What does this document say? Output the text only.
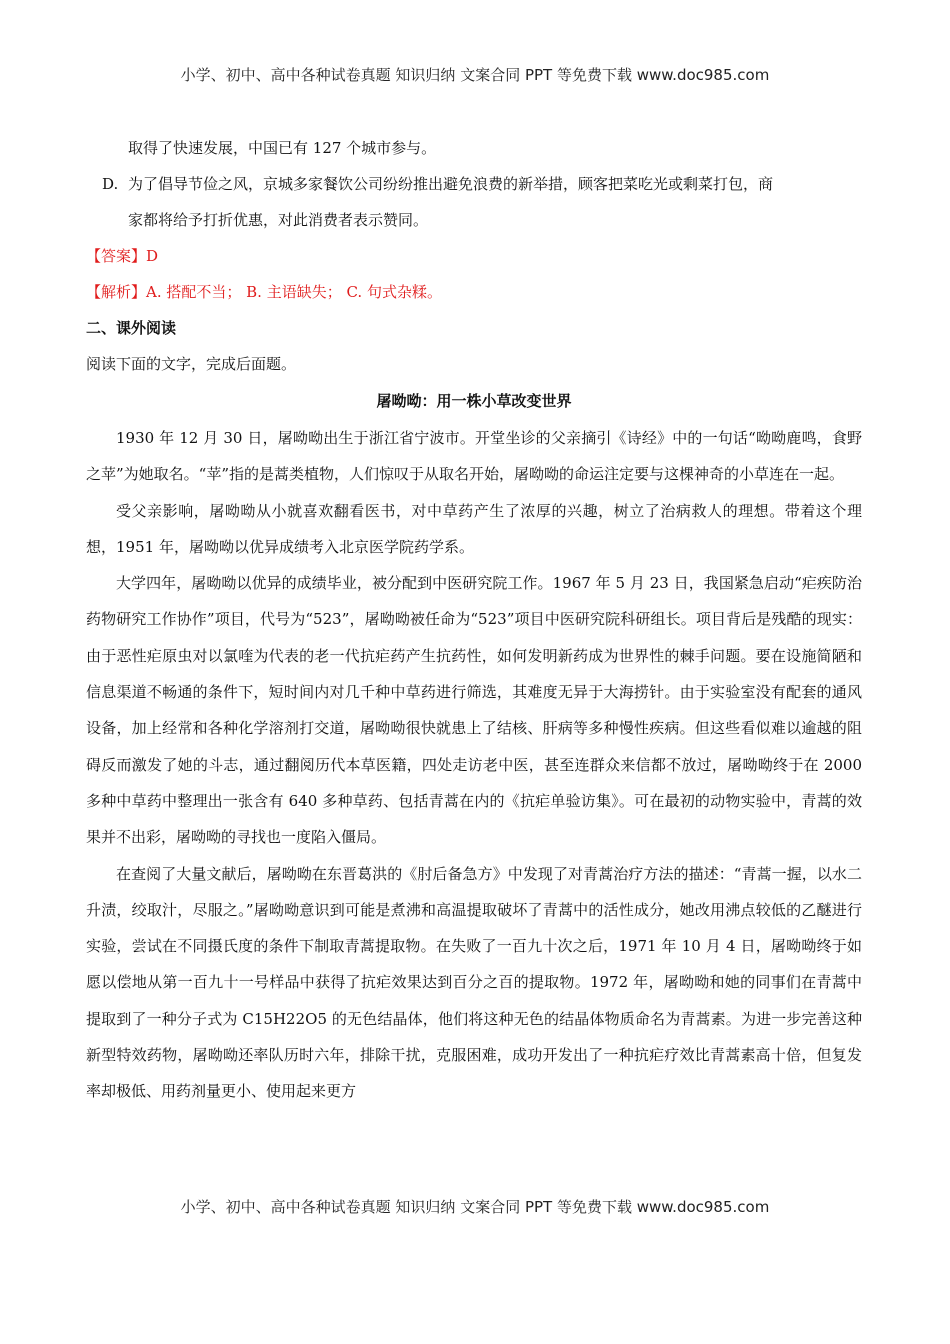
小学、初中、高中各种试卷真题 知识归纳 文案合同 PPT 等免费下载 www.doc985.com
取得了快速发展，中国已有 127 个城市参与。
D. 为了倡导节俭之风，京城多家餐饮公司纷纷推出避免浪费的新举措，顾客把菜吃光或剩菜打包，商
家都将给予打折优惠，对此消费者表示赞同。
【答案】D
【解析】A. 搭配不当； B. 主语缺失； C. 句式杂糅。
二、课外阅读
阅读下面的文字，完成后面题。
屠呦呦：用一株小草改变世界

1930 年 12 月 30 日，屠呦呦出生于浙江省宁波市。开堂坐诊的父亲摘引《诗经》中的一句话“呦呦鹿鸣，食野之苹”为她取名。“苹”指的是蒿类植物，人们惊叹于从取名开始，屠呦呦的命运注定要与这棵神奇的小草连在一起。

受父亲影响，屠呦呦从小就喜欢翻看医书，对中草药产生了浓厚的兴趣，树立了治病救人的理想。带着这个理想，1951 年，屠呦呦以优异成绩考入北京医学院药学系。

大学四年，屠呦呦以优异的成绩毕业，被分配到中医研究院工作。1967 年 5 月 23 日，我国紧急启动“疟疾防治药物研究工作协作”项目，代号为“523”，屠呦呦被任命为“523”项目中医研究院科研组长。项目背后是残酷的现实：由于恶性疟原虫对以氯喹为代表的老一代抗疟药产生抗药性，如何发明新药成为世界性的棘手问题。要在设施简陋和信息渠道不畅通的条件下，短时间内对几千种中草药进行筛选，其难度无异于大海捞针。由于实验室没有配套的通风设备，加上经常和各种化学溶剂打交道，屠呦呦很快就患上了结核、肝病等多种慢性疾病。但这些看似难以逾越的阻碍反而激发了她的斗志，通过翻阅历代本草医籍，四处走访老中医，甚至连群众来信都不放过，屠呦呦终于在 2000 多种中草药中整理出一张含有 640 多种草药、包括青蒿在内的《抗疟单验访集》。可在最初的动物实验中，青蒿的效果并不出彩，屠呦呦的寻找也一度陷入僵局。

在查阅了大量文献后，屠呦呦在东晋葛洪的《肘后备急方》中发现了对青蒿治疗方法的描述：“青蒿一握，以水二升渍，绞取汁，尽服之。”屠呦呦意识到可能是煮沸和高温提取破坏了青蒿中的活性成分，她改用沸点较低的乙醚进行实验，尝试在不同摄氏度的条件下制取青蒿提取物。在失败了一百九十次之后，1971 年 10 月 4 日，屠呦呦终于如愿以偿地从第一百九十一号样品中获得了抗疟效果达到百分之百的提取物。1972 年，屠呦呦和她的同事们在青蒿中提取到了一种分子式为 C15H22O5 的无色结晶体，他们将这种无色的结晶体物质命名为青蒿素。为进一步完善这种新型特效药物，屠呦呦还率队历时六年，排除干扰，克服困难，成功开发出了一种抗疟疗效比青蒿素高十倍，但复发率却极低、用药剂量更小、使用起来更方

小学、初中、高中各种试卷真题 知识归纳 文案合同 PPT 等免费下载 www.doc985.com
